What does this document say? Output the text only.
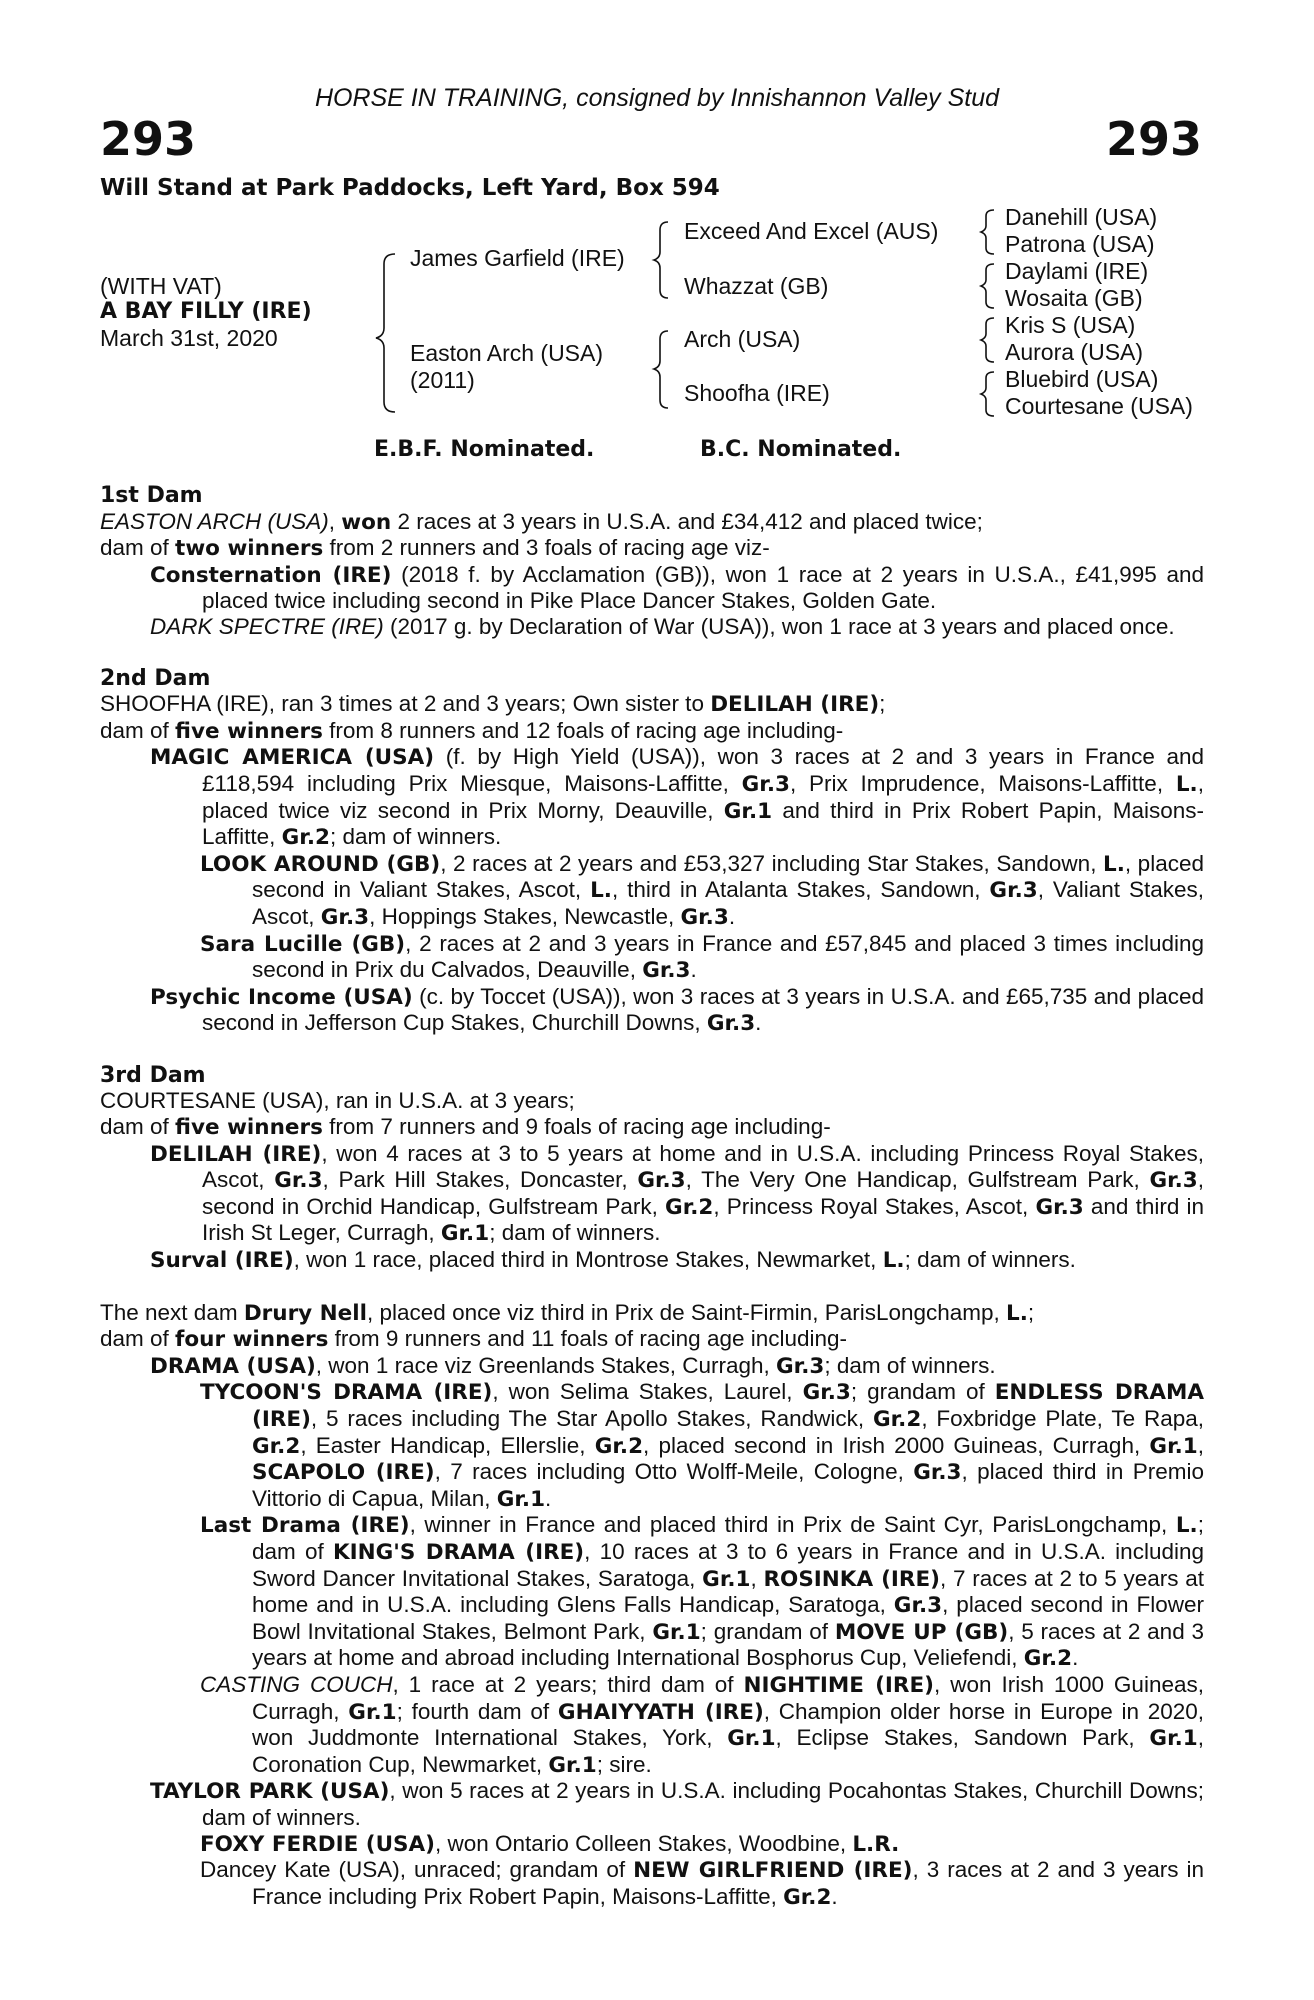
HORSE IN TRAINING, consigned by Innishannon Valley Stud
293	293
Will Stand at Park Paddocks, Left Yard, Box 594
(WITH VAT)
A BAY FILLY (IRE)
March 31st, 2020
James Garfield (IRE)
Easton Arch (USA)
(2011)
Exceed And Excel (AUS)
Whazzat (GB)
Arch (USA)
Shoofha (IRE)
Danehill (USA)
Patrona (USA)
Daylami (IRE)
Wosaita (GB)
Kris S (USA)
Aurora (USA)
Bluebird (USA)
Courtesane (USA)
E.B.F. Nominated.	B.C. Nominated.
1st Dam
EASTON ARCH (USA), won 2 races at 3 years in U.S.A. and £34,412 and placed twice;
dam of two winners from 2 runners and 3 foals of racing age viz-
Consternation (IRE) (2018 f. by Acclamation (GB)), won 1 race at 2 years in U.S.A., £41,995 and placed twice including second in Pike Place Dancer Stakes, Golden Gate.
DARK SPECTRE (IRE) (2017 g. by Declaration of War (USA)), won 1 race at 3 years and placed once.
2nd Dam
SHOOFHA (IRE), ran 3 times at 2 and 3 years; Own sister to DELILAH (IRE);
dam of five winners from 8 runners and 12 foals of racing age including-
MAGIC AMERICA (USA) (f. by High Yield (USA)), won 3 races at 2 and 3 years in France and £118,594 including Prix Miesque, Maisons-Laffitte, Gr.3, Prix Imprudence, Maisons-Laffitte, L., placed twice viz second in Prix Morny, Deauville, Gr.1 and third in Prix Robert Papin, Maisons-Laffitte, Gr.2; dam of winners.
LOOK AROUND (GB), 2 races at 2 years and £53,327 including Star Stakes, Sandown, L., placed second in Valiant Stakes, Ascot, L., third in Atalanta Stakes, Sandown, Gr.3, Valiant Stakes, Ascot, Gr.3, Hoppings Stakes, Newcastle, Gr.3.
Sara Lucille (GB), 2 races at 2 and 3 years in France and £57,845 and placed 3 times including second in Prix du Calvados, Deauville, Gr.3.
Psychic Income (USA) (c. by Toccet (USA)), won 3 races at 3 years in U.S.A. and £65,735 and placed second in Jefferson Cup Stakes, Churchill Downs, Gr.3.
3rd Dam
COURTESANE (USA), ran in U.S.A. at 3 years;
dam of five winners from 7 runners and 9 foals of racing age including-
DELILAH (IRE), won 4 races at 3 to 5 years at home and in U.S.A. including Princess Royal Stakes, Ascot, Gr.3, Park Hill Stakes, Doncaster, Gr.3, The Very One Handicap, Gulfstream Park, Gr.3, second in Orchid Handicap, Gulfstream Park, Gr.2, Princess Royal Stakes, Ascot, Gr.3 and third in Irish St Leger, Curragh, Gr.1; dam of winners.
Surval (IRE), won 1 race, placed third in Montrose Stakes, Newmarket, L.; dam of winners.
The next dam Drury Nell, placed once viz third in Prix de Saint-Firmin, ParisLongchamp, L.;
dam of four winners from 9 runners and 11 foals of racing age including-
DRAMA (USA), won 1 race viz Greenlands Stakes, Curragh, Gr.3; dam of winners.
TYCOON'S DRAMA (IRE), won Selima Stakes, Laurel, Gr.3; grandam of ENDLESS DRAMA (IRE), 5 races including The Star Apollo Stakes, Randwick, Gr.2, Foxbridge Plate, Te Rapa, Gr.2, Easter Handicap, Ellerslie, Gr.2, placed second in Irish 2000 Guineas, Curragh, Gr.1, SCAPOLO (IRE), 7 races including Otto Wolff-Meile, Cologne, Gr.3, placed third in Premio Vittorio di Capua, Milan, Gr.1.
Last Drama (IRE), winner in France and placed third in Prix de Saint Cyr, ParisLongchamp, L.; dam of KING'S DRAMA (IRE), 10 races at 3 to 6 years in France and in U.S.A. including Sword Dancer Invitational Stakes, Saratoga, Gr.1, ROSINKA (IRE), 7 races at 2 to 5 years at home and in U.S.A. including Glens Falls Handicap, Saratoga, Gr.3, placed second in Flower Bowl Invitational Stakes, Belmont Park, Gr.1; grandam of MOVE UP (GB), 5 races at 2 and 3 years at home and abroad including International Bosphorus Cup, Veliefendi, Gr.2.
CASTING COUCH, 1 race at 2 years; third dam of NIGHTIME (IRE), won Irish 1000 Guineas, Curragh, Gr.1; fourth dam of GHAIYYATH (IRE), Champion older horse in Europe in 2020, won Juddmonte International Stakes, York, Gr.1, Eclipse Stakes, Sandown Park, Gr.1, Coronation Cup, Newmarket, Gr.1; sire.
TAYLOR PARK (USA), won 5 races at 2 years in U.S.A. including Pocahontas Stakes, Churchill Downs; dam of winners.
FOXY FERDIE (USA), won Ontario Colleen Stakes, Woodbine, L.R.
Dancey Kate (USA), unraced; grandam of NEW GIRLFRIEND (IRE), 3 races at 2 and 3 years in France including Prix Robert Papin, Maisons-Laffitte, Gr.2.
